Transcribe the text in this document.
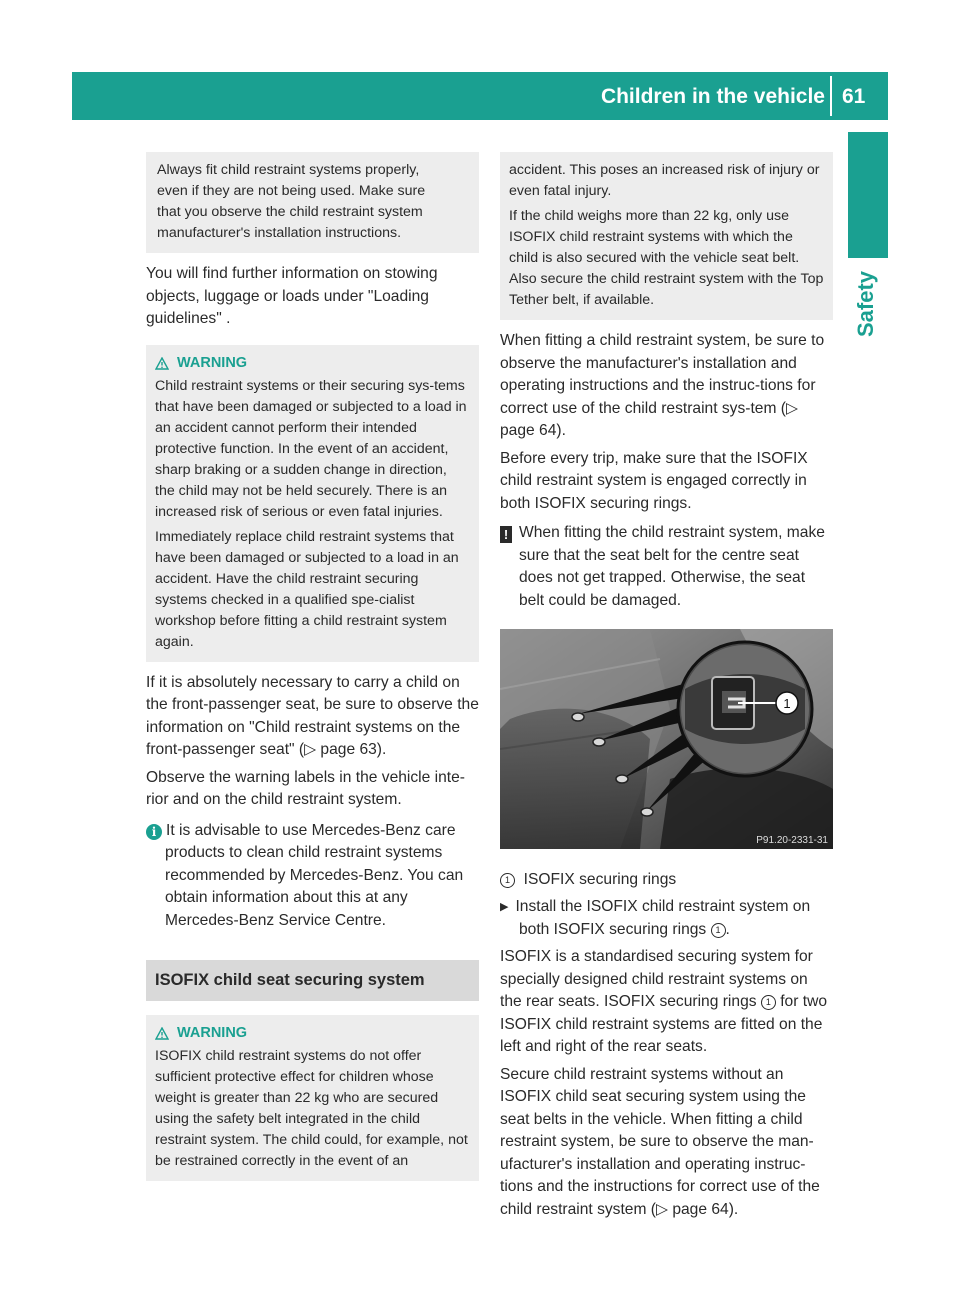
Children in the vehicle 61
Safety
Always fit child restraint systems properly,
even if they are not being used. Make sure
that you observe the child restraint system
manufacturer's installation instructions.

You will find further information on stowing objects, luggage or loads under "Loading guidelines" .

WARNING

Child restraint systems or their securing sys-tems that have been damaged or subjected to a load in an accident cannot perform their intended protective function. In the event of an accident, sharp braking or a sudden change in direction, the child may not be held securely. There is an increased risk of serious or even fatal injuries.

Immediately replace child restraint systems that have been damaged or subjected to a load in an accident. Have the child restraint securing systems checked in a qualified spe-cialist workshop before fitting a child restraint system again.

If it is absolutely necessary to carry a child on the front-passenger seat, be sure to observe the information on "Child restraint systems on the front-passenger seat" (▷ page 63).

Observe the warning labels in the vehicle inte-rior and on the child restraint system.

i It is advisable to use Mercedes-Benz care products to clean child restraint systems recommended by Mercedes-Benz. You can obtain information about this at any Mercedes-Benz Service Centre.

ISOFIX child seat securing system
WARNING

ISOFIX child restraint systems do not offer sufficient protective effect for children whose weight is greater than 22 kg who are secured using the safety belt integrated in the child restraint system. The child could, for example, not be restrained correctly in the event of an

accident. This poses an increased risk of injury or even fatal injury.

If the child weighs more than 22 kg, only use ISOFIX child restraint systems with which the child is also secured with the vehicle seat belt. Also secure the child restraint system with the Top Tether belt, if available.

When fitting a child restraint system, be sure to observe the manufacturer's installation and operating instructions and the instruc-tions for correct use of the child restraint sys-tem (▷ page 64).

Before every trip, make sure that the ISOFIX child restraint system is engaged correctly in both ISOFIX securing rings.

! When fitting the child restraint system, make sure that the seat belt for the centre seat does not get trapped. Otherwise, the seat belt could be damaged.

1
P91.20-2331-31

1 ISOFIX securing rings

▶ Install the ISOFIX child restraint system on both ISOFIX securing rings 1 .

ISOFIX is a standardised securing system for specially designed child restraint systems on the rear seats. ISOFIX securing rings 1 for two ISOFIX child restraint systems are fitted on the left and right of the rear seats.

Secure child restraint systems without an ISOFIX child seat securing system using the seat belts in the vehicle. When fitting a child restraint system, be sure to observe the man-ufacturer's installation and operating instruc-tions and the instructions for correct use of the child restraint system (▷ page 64).
